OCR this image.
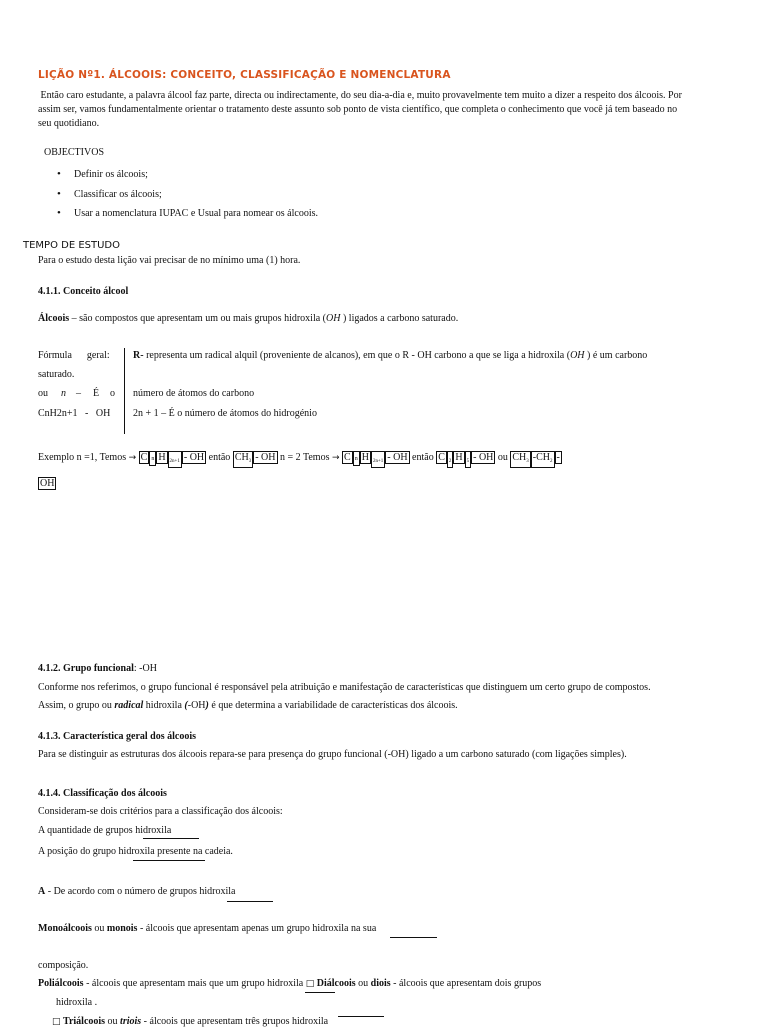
LIÇÃO Nº1. ÁLCOOIS: CONCEITO, CLASSIFICAÇÃO E NOMENCLATURA
Então caro estudante, a palavra álcool faz parte, directa ou indirectamente, do seu dia-a-dia e, muito provavelmente tem muito a dizer a respeito dos álcoois. Por
assim ser, vamos fundamentalmente orientar o tratamento deste assunto sob ponto de vista científico, que completa o conhecimento que você já tem baseado no
seu quotidiano.
OBJECTIVOS
• Definir os álcoois;
• Classificar os álcoois;
• Usar a nomenclatura IUPAC e Usual para nomear os álcoois.
TEMPO DE ESTUDO
Para o estudo desta lição vai precisar de no mínimo uma (1) hora.
4.1.1. Conceito álcool
Álcoois – são compostos que apresentam um ou mais grupos hidroxila (OH ) ligados a carbono saturado.
Fórmula      geral:
saturado.
ou n – É o
CnH2n+1   -   OH
R- representa um radical alquil (proveniente de alcanos), em que o R - OH carbono a que se liga a hidroxila (OH ) é um carbono
número de átomos do carbono
2n + 1 – É o número de átomos do hidrogénio
Exemplo n =1, Temos → C n H $_{2n+1}$ - OH então $CH_3$ - OH n = 2 Temos → C n H $_{2n+1}$ - OH então C $_2$ H $_5$ - OH ou $CH_3$ $-CH_2$ -
OH
4.1.2. Grupo funcional: -OH
Conforme nos referimos, o grupo funcional é responsável pela atribuição e manifestação de características que distinguem um certo grupo de compostos.
Assim, o grupo ou radical hidroxila (-OH) é que determina a variabilidade de características dos álcoois.
4.1.3. Característica geral dos álcoois
Para se distinguir as estruturas dos álcoois repara-se para presença do grupo funcional (-OH) ligado a um carbono saturado (com ligações simples).
4.1.4. Classificação dos álcoois
Consideram-se dois critérios para a classificação dos álcoois:
A quantidade de grupos hidroxila
A posição do grupo hidroxila presente na cadeia.
A - De acordo com o número de grupos hidroxila
Monoálcoois ou monois - álcoois que apresentam apenas um grupo hidroxila na sua
composição.
Poliálcoois - álcoois que apresentam mais que um grupo hidroxila □ Diálcoois ou diois - álcoois que apresentam dois grupos
hidroxila .
□ Triálcoois ou triois - álcoois que apresentam três grupos hidroxila
